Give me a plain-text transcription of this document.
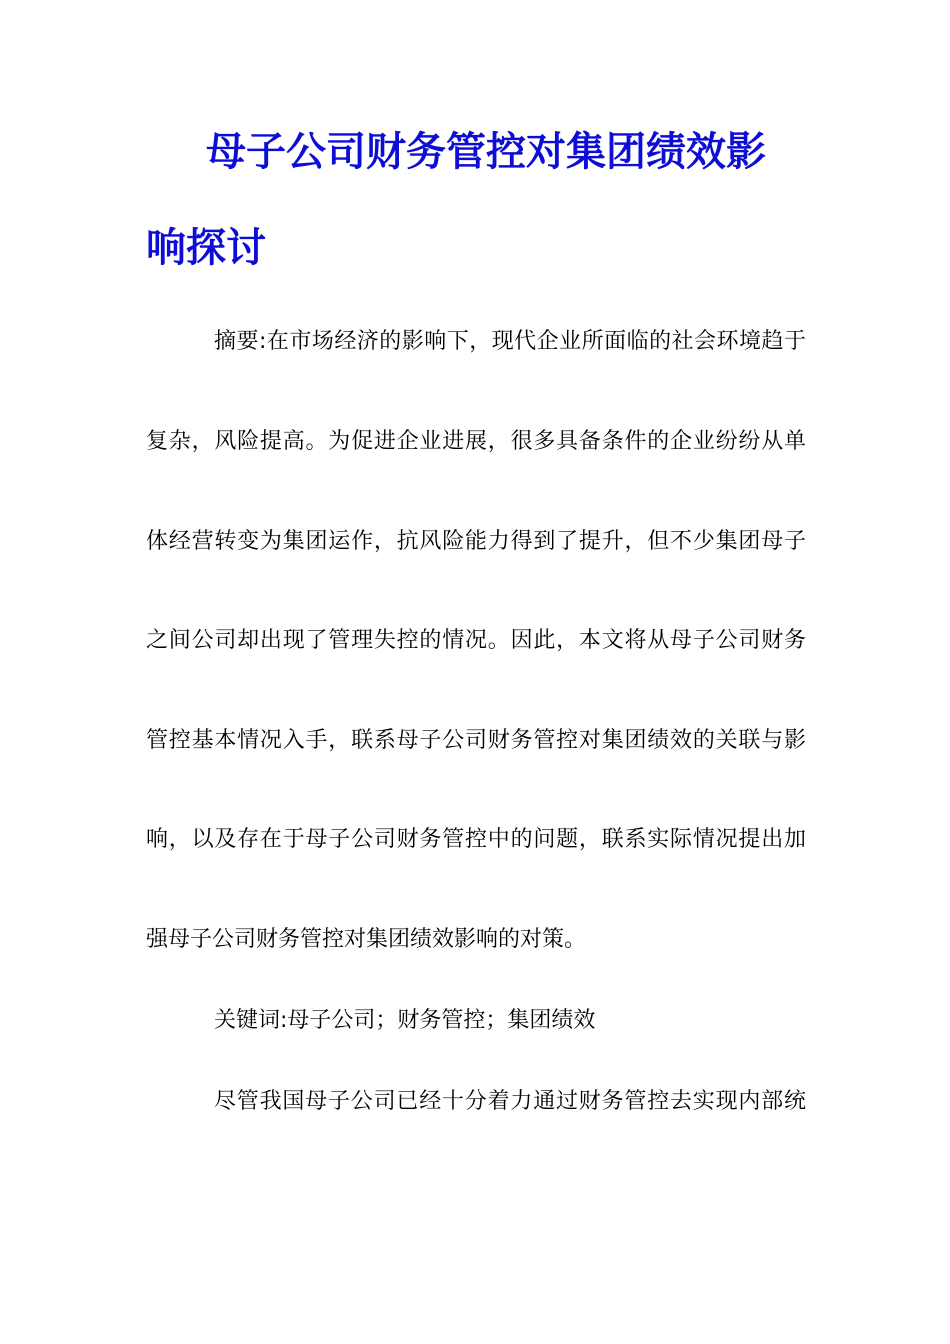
母子公司财务管控对集团绩效影
响探讨

摘要:在市场经济的影响下，现代企业所面临的社会环境趋于

复杂，风险提高。为促进企业进展，很多具备条件的企业纷纷从单

体经营转变为集团运作，抗风险能力得到了提升，但不少集团母子

之间公司却出现了管理失控的情况。因此，本文将从母子公司财务

管控基本情况入手，联系母子公司财务管控对集团绩效的关联与影

响，以及存在于母子公司财务管控中的问题，联系实际情况提出加

强母子公司财务管控对集团绩效影响的对策。

关键词:母子公司；财务管控；集团绩效

尽管我国母子公司已经十分着力通过财务管控去实现内部统
